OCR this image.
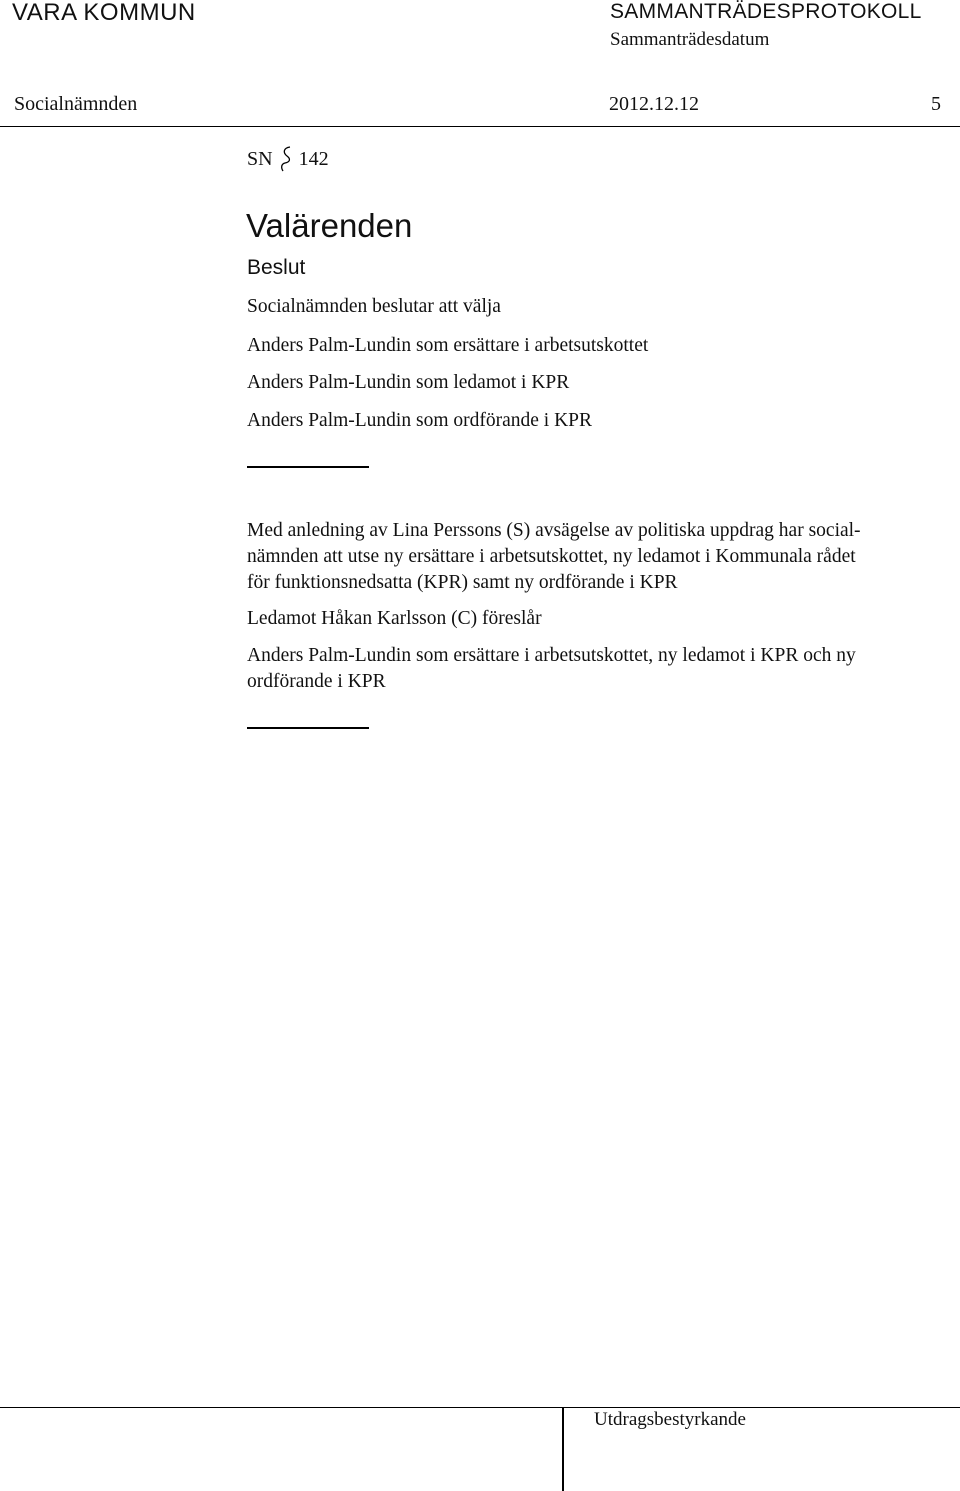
VARA KOMMUN	SAMMANTRÄDESPROTOKOLL
Sammanträdesdatum
Socialnämnden	2012.12.12	5
SN 142
Valärenden
Beslut
Socialnämnden beslutar att välja
Anders Palm-Lundin som ersättare i arbetsutskottet
Anders Palm-Lundin som ledamot i KPR
Anders Palm-Lundin som ordförande i KPR
Med anledning av Lina Perssons (S) avsägelse av politiska uppdrag har social-
nämnden att utse ny ersättare i arbetsutskottet, ny ledamot i Kommunala rådet
för funktionsnedsatta (KPR) samt ny ordförande i KPR
Ledamot Håkan Karlsson (C) föreslår
Anders Palm-Lundin som ersättare i arbetsutskottet, ny ledamot i KPR och ny
ordförande i KPR
Utdragsbestyrkande
